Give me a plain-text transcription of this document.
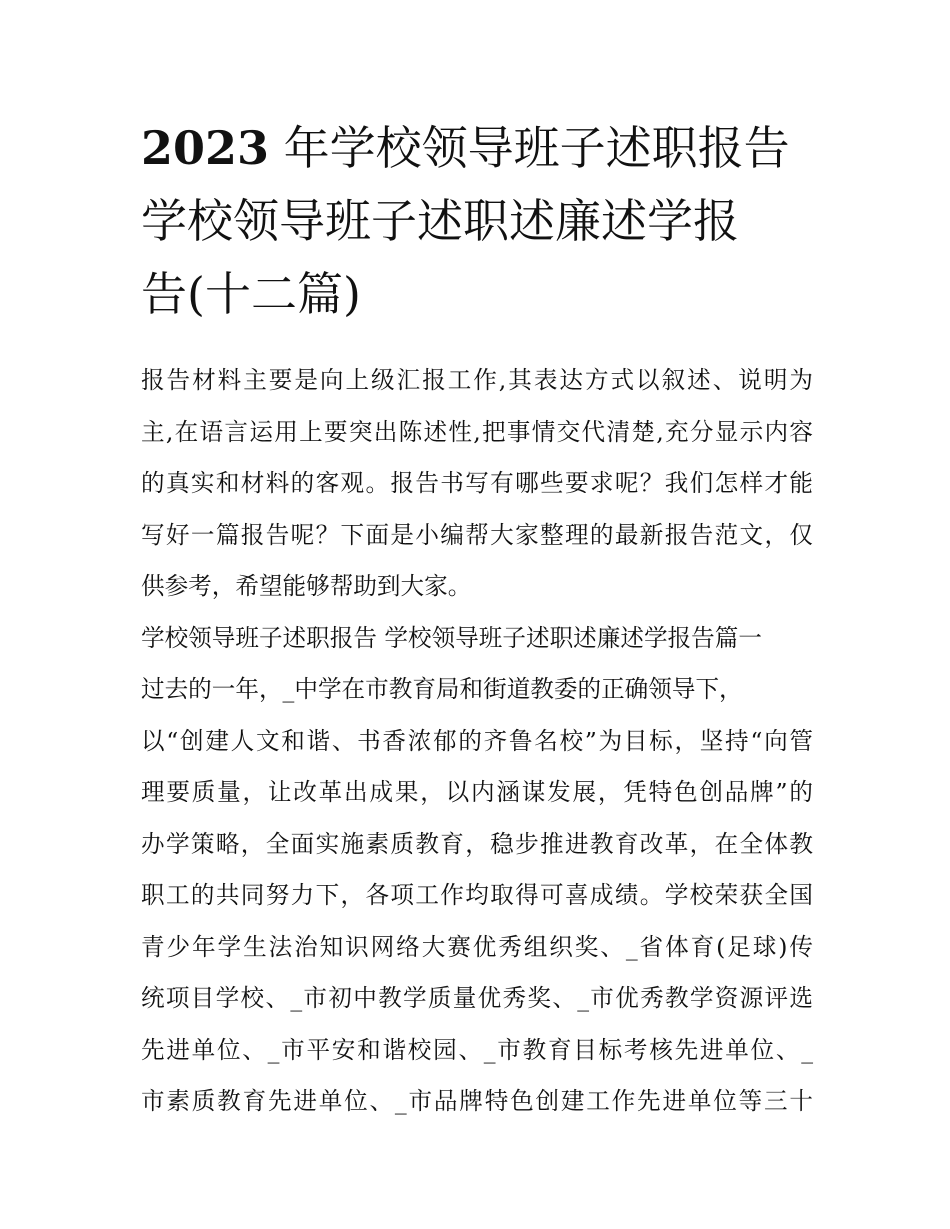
2023 年学校领导班子述职报告
学校领导班子述职述廉述学报
告(十二篇)

报告材料主要是向上级汇报工作,其表达方式以叙述、说明为
主,在语言运用上要突出陈述性,把事情交代清楚,充分显示内容
的真实和材料的客观。报告书写有哪些要求呢？我们怎样才能
写好一篇报告呢？下面是小编帮大家整理的最新报告范文，仅
供参考，希望能够帮助到大家。

学校领导班子述职报告 学校领导班子述职述廉述学报告篇一

过去的一年，_中学在市教育局和街道教委的正确领导下，
以“创建人文和谐、书香浓郁的齐鲁名校”为目标，坚持“向管
理要质量，让改革出成果，以内涵谋发展，凭特色创品牌”的
办学策略，全面实施素质教育，稳步推进教育改革，在全体教
职工的共同努力下，各项工作均取得可喜成绩。学校荣获全国
青少年学生法治知识网络大赛优秀组织奖、_省体育(足球)传
统项目学校、_市初中教学质量优秀奖、_市优秀教学资源评选
先进单位、_市平安和谐校园、_市教育目标考核先进单位、_
市素质教育先进单位、_市品牌特色创建工作先进单位等三十
